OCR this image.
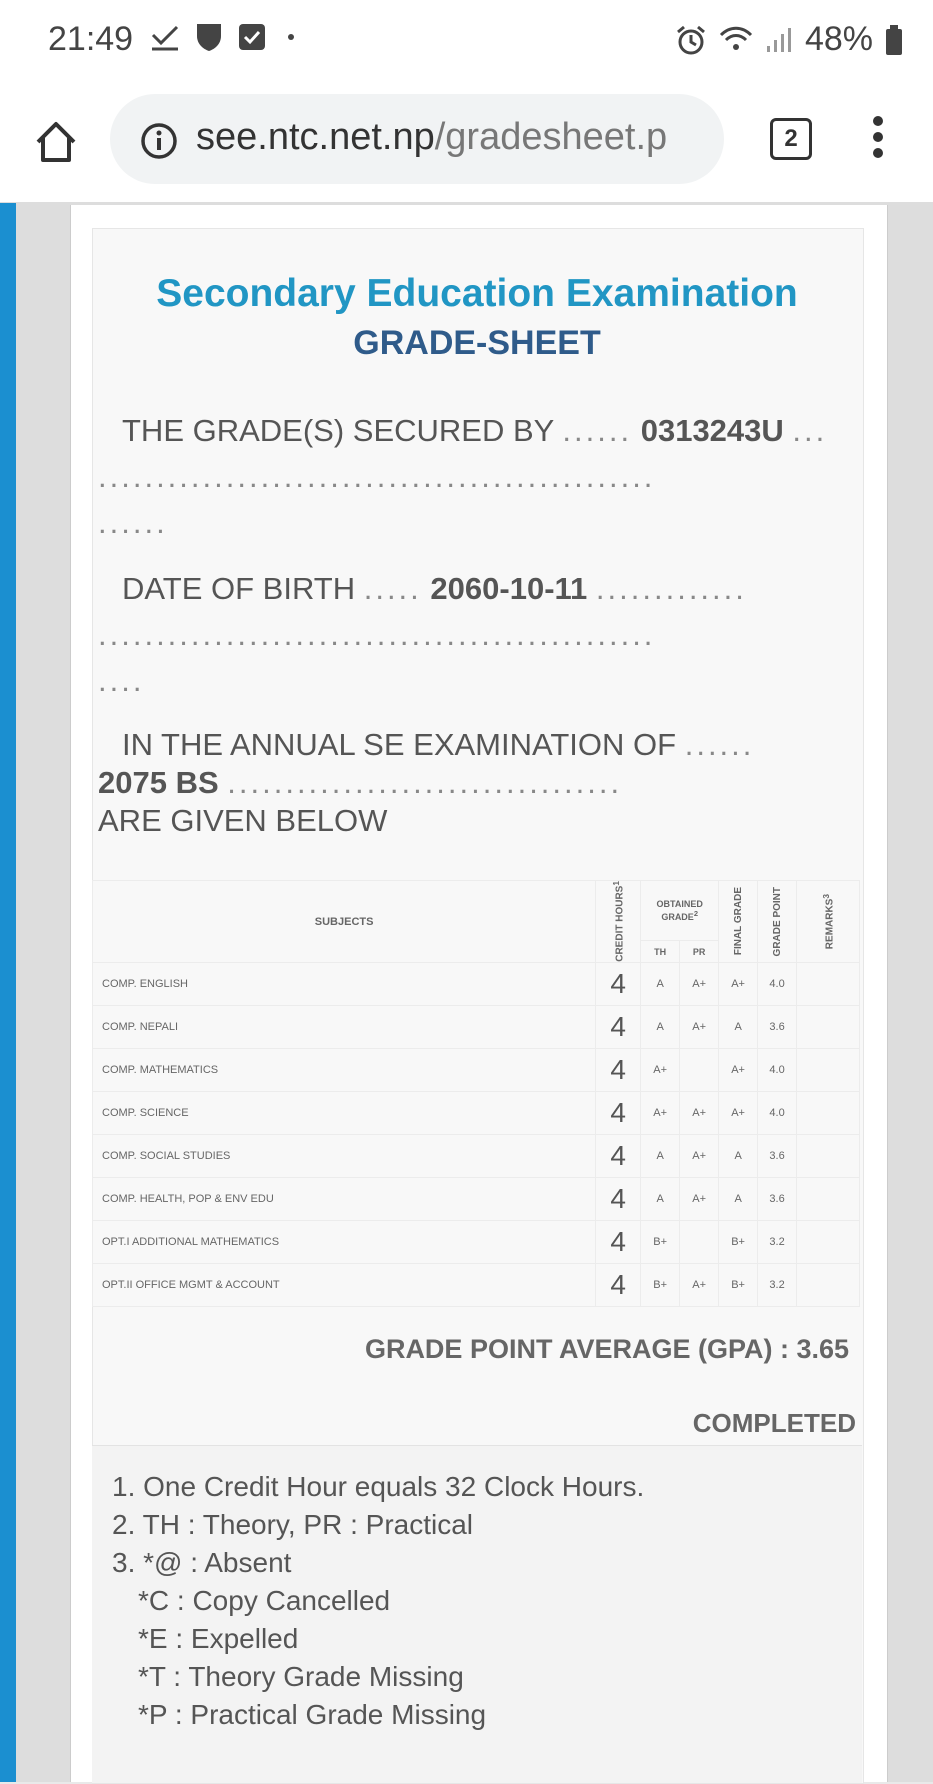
21:49	48%
see.ntc.net.np/gradesheet.p	2
Secondary Education Examination
GRADE-SHEET
THE GRADE(S) SECURED BY ...... 0313243U ...
................................................
......
DATE OF BIRTH ..... 2060-10-11 .............
................................................
....
IN THE ANNUAL SE EXAMINATION OF ......
2075 BS ..................................
ARE GIVEN BELOW
SUBJECTS	CREDIT HOURS$^1$	OBTAINED
GRADE$^2$		FINAL GRADE	GRADE POINT	REMARKS$^3$

		TH	PR			
COMP. ENGLISH	4	A	A+	A+	4.0	
COMP. NEPALI	4	A	A+	A	3.6	
COMP. MATHEMATICS	4	A+		A+	4.0	
COMP. SCIENCE	4	A+	A+	A+	4.0	
COMP. SOCIAL STUDIES	4	A	A+	A	3.6	
COMP. HEALTH, POP & ENV EDU	4	A	A+	A	3.6	
OPT.I ADDITIONAL MATHEMATICS	4	B+		B+	3.2	
OPT.II OFFICE MGMT & ACCOUNT	4	B+	A+	B+	3.2	
GRADE POINT AVERAGE (GPA) : 3.65
COMPLETED
1. One Credit Hour equals 32 Clock Hours.
2. TH : Theory, PR : Practical
3. *@ : Absent
*C : Copy Cancelled
*E : Expelled
*T : Theory Grade Missing
*P : Practical Grade Missing
